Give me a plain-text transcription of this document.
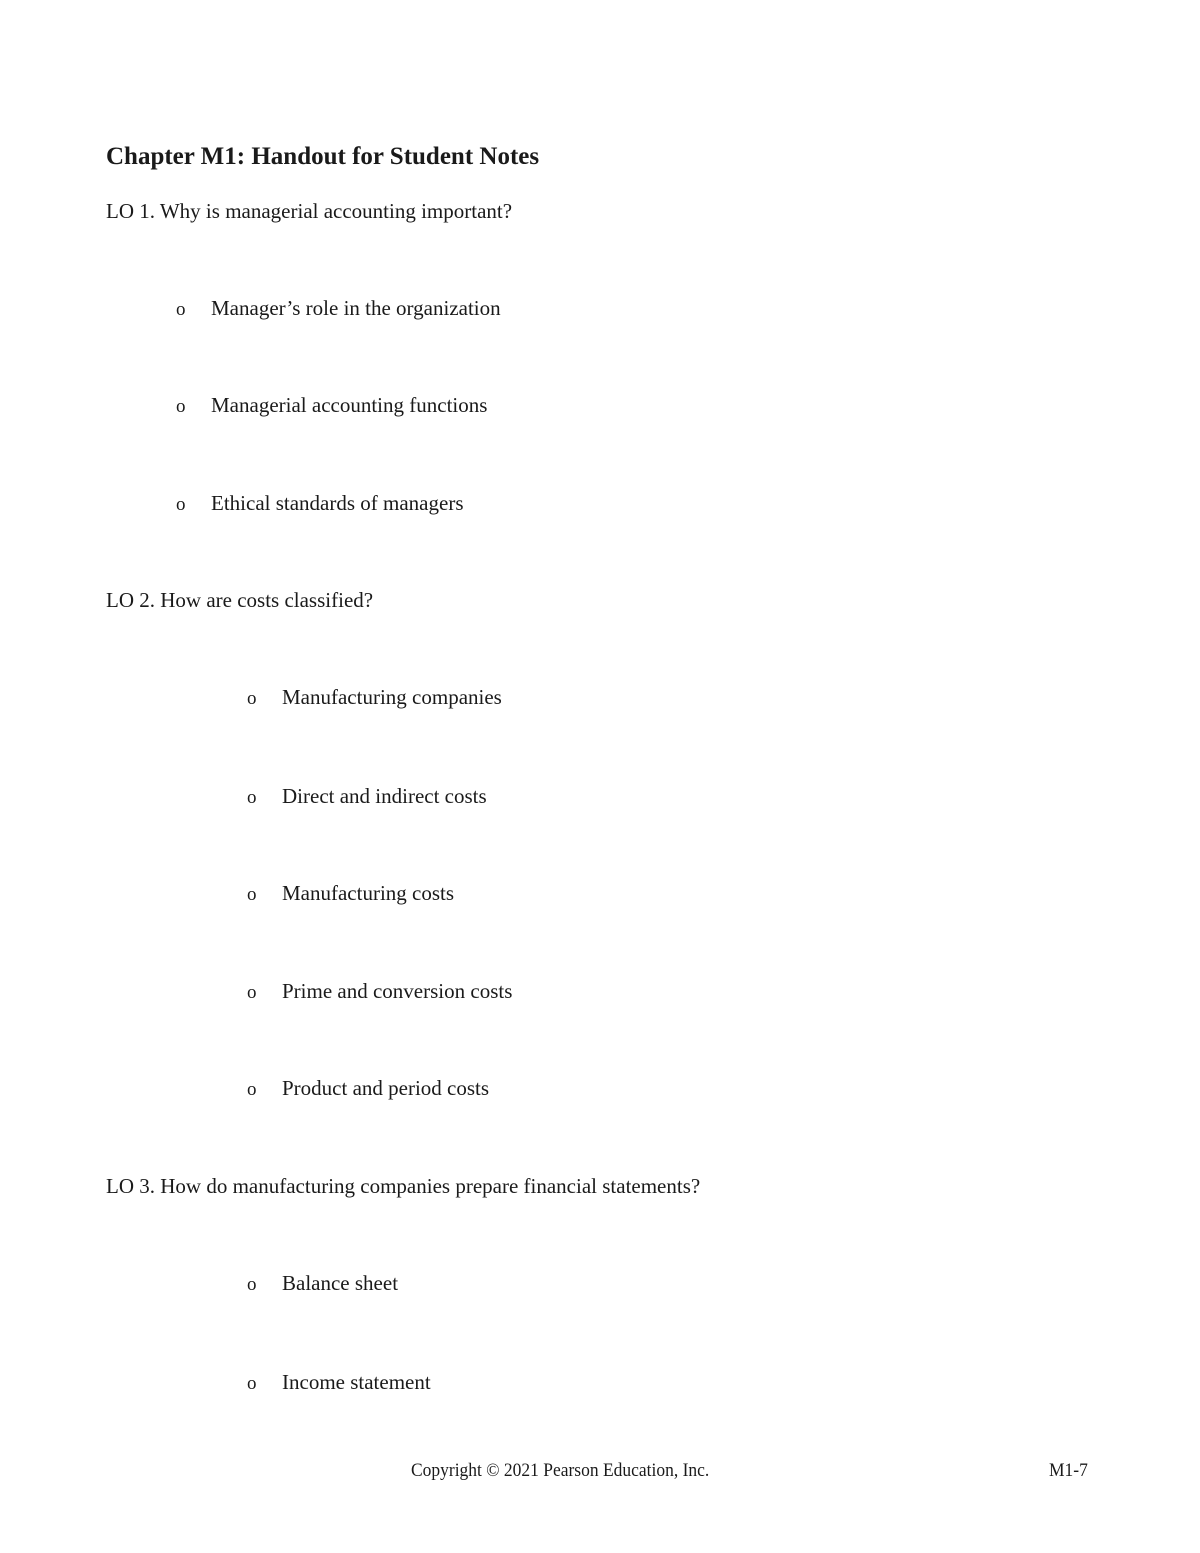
Chapter M1: Handout for Student Notes

LO 1. Why is managerial accounting important?

o	Manager’s role in the organization
o	Managerial accounting functions
o	Ethical standards of managers

LO 2. How are costs classified?

o	Manufacturing companies
o	Direct and indirect costs
o	Manufacturing costs
o	Prime and conversion costs
o	Product and period costs

LO 3. How do manufacturing companies prepare financial statements?

o	Balance sheet
o	Income statement
Copyright © 2021 Pearson Education, Inc.	M1-7
